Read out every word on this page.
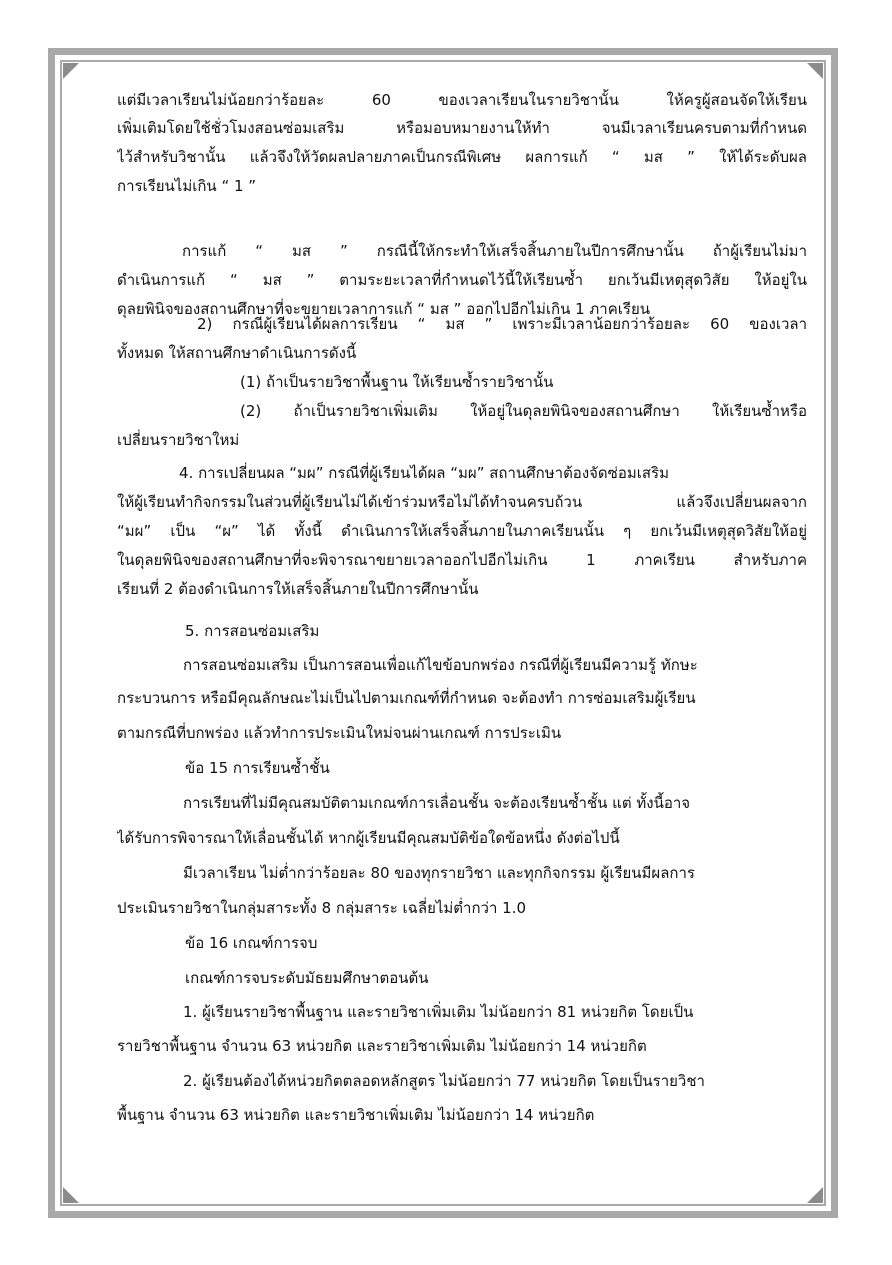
แต่มีเวลาเรียนไม่น้อยกว่าร้อยละ 60 ของเวลาเรียนในรายวิชานั้น ให้ครูผู้สอนจัดให้เรียน
เพิ่มเติมโดยใช้ชั่วโมงสอนซ่อมเสริม หรือมอบหมายงานให้ทำ จนมีเวลาเรียนครบตามที่กำหนด
ไว้สำหรับวิชานั้น แล้วจึงให้วัดผลปลายภาคเป็นกรณีพิเศษ ผลการแก้ “ มส ” ให้ได้ระดับผล
การเรียนไม่เกิน “ 1 ”
การแก้ “ มส ” กรณีนี้ให้กระทำให้เสร็จสิ้นภายในปีการศึกษานั้น ถ้าผู้เรียนไม่มา
ดำเนินการแก้ “ มส ” ตามระยะเวลาที่กำหนดไว้นี้ให้เรียนซ้ำ ยกเว้นมีเหตุสุดวิสัย ให้อยู่ใน
ดุลยพินิจของสถานศึกษาที่จะขยายเวลาการแก้ “ มส ” ออกไปอีกไม่เกิน 1 ภาคเรียน
2) กรณีผู้เรียนได้ผลการเรียน “ มส ” เพราะมีเวลาน้อยกว่าร้อยละ 60 ของเวลา
ทั้งหมด ให้สถานศึกษาดำเนินการดังนี้
(1) ถ้าเป็นรายวิชาพื้นฐาน ให้เรียนซ้ำรายวิชานั้น
(2) ถ้าเป็นรายวิชาเพิ่มเติม ให้อยู่ในดุลยพินิจของสถานศึกษา ให้เรียนซ้ำหรือ
เปลี่ยนรายวิชาใหม่
4. การเปลี่ยนผล “มผ” กรณีที่ผู้เรียนได้ผล “มผ” สถานศึกษาต้องจัดซ่อมเสริม
ให้ผู้เรียนทำกิจกรรมในส่วนที่ผู้เรียนไม่ได้เข้าร่วมหรือไม่ได้ทำจนครบถ้วน แล้วจึงเปลี่ยนผลจาก
“มผ” เป็น “ผ” ได้ ทั้งนี้ ดำเนินการให้เสร็จสิ้นภายในภาคเรียนนั้น ๆ ยกเว้นมีเหตุสุดวิสัยให้อยู่
ในดุลยพินิจของสถานศึกษาที่จะพิจารณาขยายเวลาออกไปอีกไม่เกิน 1 ภาคเรียน สำหรับภาค
เรียนที่ 2 ต้องดำเนินการให้เสร็จสิ้นภายในปีการศึกษานั้น
5. การสอนซ่อมเสริม
การสอนซ่อมเสริม เป็นการสอนเพื่อแก้ไขข้อบกพร่อง กรณีที่ผู้เรียนมีความรู้ ทักษะ
กระบวนการ หรือมีคุณลักษณะไม่เป็นไปตามเกณฑ์ที่กำหนด จะต้องทำ การซ่อมเสริมผู้เรียน
ตามกรณีที่บกพร่อง แล้วทำการประเมินใหม่จนผ่านเกณฑ์ การประเมิน
ข้อ 15 การเรียนซ้ำชั้น
การเรียนที่ไม่มีคุณสมบัติตามเกณฑ์การเลื่อนชั้น จะต้องเรียนซ้ำชั้น แต่ ทั้งนี้อาจ
ได้รับการพิจารณาให้เลื่อนชั้นได้ หากผู้เรียนมีคุณสมบัติข้อใดข้อหนึ่ง ดังต่อไปนี้
มีเวลาเรียน ไม่ต่ำกว่าร้อยละ 80 ของทุกรายวิชา และทุกกิจกรรม ผู้เรียนมีผลการ
ประเมินรายวิชาในกลุ่มสาระทั้ง 8 กลุ่มสาระ เฉลี่ยไม่ต่ำกว่า 1.0
ข้อ 16 เกณฑ์การจบ
เกณฑ์การจบระดับมัธยมศึกษาตอนต้น
1. ผู้เรียนรายวิชาพื้นฐาน และรายวิชาเพิ่มเติม ไม่น้อยกว่า 81 หน่วยกิต โดยเป็น
รายวิชาพื้นฐาน จำนวน 63 หน่วยกิต และรายวิชาเพิ่มเติม ไม่น้อยกว่า 14 หน่วยกิต
2. ผู้เรียนต้องได้หน่วยกิตตลอดหลักสูตร ไม่น้อยกว่า 77 หน่วยกิต โดยเป็นรายวิชา
พื้นฐาน จำนวน 63 หน่วยกิต และรายวิชาเพิ่มเติม ไม่น้อยกว่า 14 หน่วยกิต
